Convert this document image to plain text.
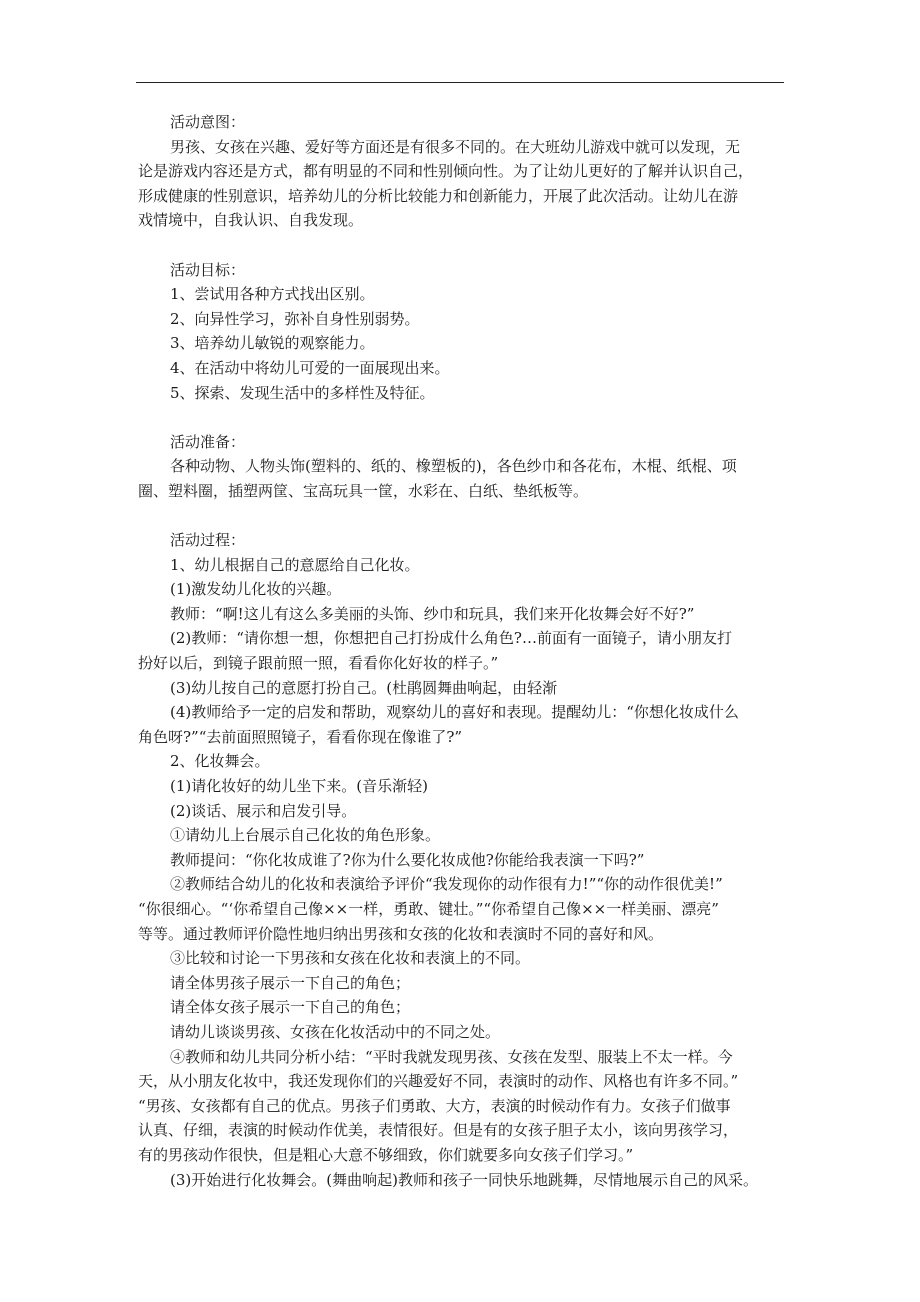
活动意图：
男孩、女孩在兴趣、爱好等方面还是有很多不同的。在大班幼儿游戏中就可以发现，无
论是游戏内容还是方式，都有明显的不同和性别倾向性。为了让幼儿更好的了解并认识自己，
形成健康的性别意识，培养幼儿的分析比较能力和创新能力，开展了此次活动。让幼儿在游
戏情境中，自我认识、自我发现。
活动目标：
1、尝试用各种方式找出区别。
2、向异性学习，弥补自身性别弱势。
3、培养幼儿敏锐的观察能力。
4、在活动中将幼儿可爱的一面展现出来。
5、探索、发现生活中的多样性及特征。
活动准备：
各种动物、人物头饰(塑料的、纸的、橡塑板的)，各色纱巾和各花布，木棍、纸棍、项
圈、塑料圈，插塑两筐、宝高玩具一筐，水彩在、白纸、垫纸板等。
活动过程：
1、幼儿根据自己的意愿给自己化妆。
(1)激发幼儿化妆的兴趣。
教师：“啊!这儿有这么多美丽的头饰、纱巾和玩具，我们来开化妆舞会好不好?”
(2)教师：“请你想一想，你想把自己打扮成什么角色?…前面有一面镜子，请小朋友打
扮好以后，到镜子跟前照一照，看看你化好妆的样子。”
(3)幼儿按自己的意愿打扮自己。(杜鹃圆舞曲响起，由轻渐
(4)教师给予一定的启发和帮助，观察幼儿的喜好和表现。提醒幼儿：“你想化妆成什么
角色呀?”“去前面照照镜子，看看你现在像谁了?”
2、化妆舞会。
(1)请化妆好的幼儿坐下来。(音乐渐轻)
(2)谈话、展示和启发引导。
①请幼儿上台展示自己化妆的角色形象。
教师提问：“你化妆成谁了?你为什么要化妆成他?你能给我表演一下吗?”
②教师结合幼儿的化妆和表演给予评价“我发现你的动作很有力!”“你的动作很优美!”
“你很细心。“‘你希望自己像××一样，勇敢、键壮。”“你希望自己像××一样美丽、漂亮”
等等。通过教师评价隐性地归纳出男孩和女孩的化妆和表演时不同的喜好和风。
③比较和讨论一下男孩和女孩在化妆和表演上的不同。
请全体男孩子展示一下自己的角色；
请全体女孩子展示一下自己的角色；
请幼儿谈谈男孩、女孩在化妆活动中的不同之处。
④教师和幼儿共同分析小结：“平时我就发现男孩、女孩在发型、服装上不太一样。今
天，从小朋友化妆中，我还发现你们的兴趣爱好不同，表演时的动作、风格也有许多不同。”
“男孩、女孩都有自己的优点。男孩子们勇敢、大方，表演的时候动作有力。女孩子们做事
认真、仔细，表演的时候动作优美，表情很好。但是有的女孩子胆子太小，该向男孩学习，
有的男孩动作很快，但是粗心大意不够细致，你们就要多向女孩子们学习。”
(3)开始进行化妆舞会。(舞曲响起)教师和孩子一同快乐地跳舞，尽情地展示自己的风采。
